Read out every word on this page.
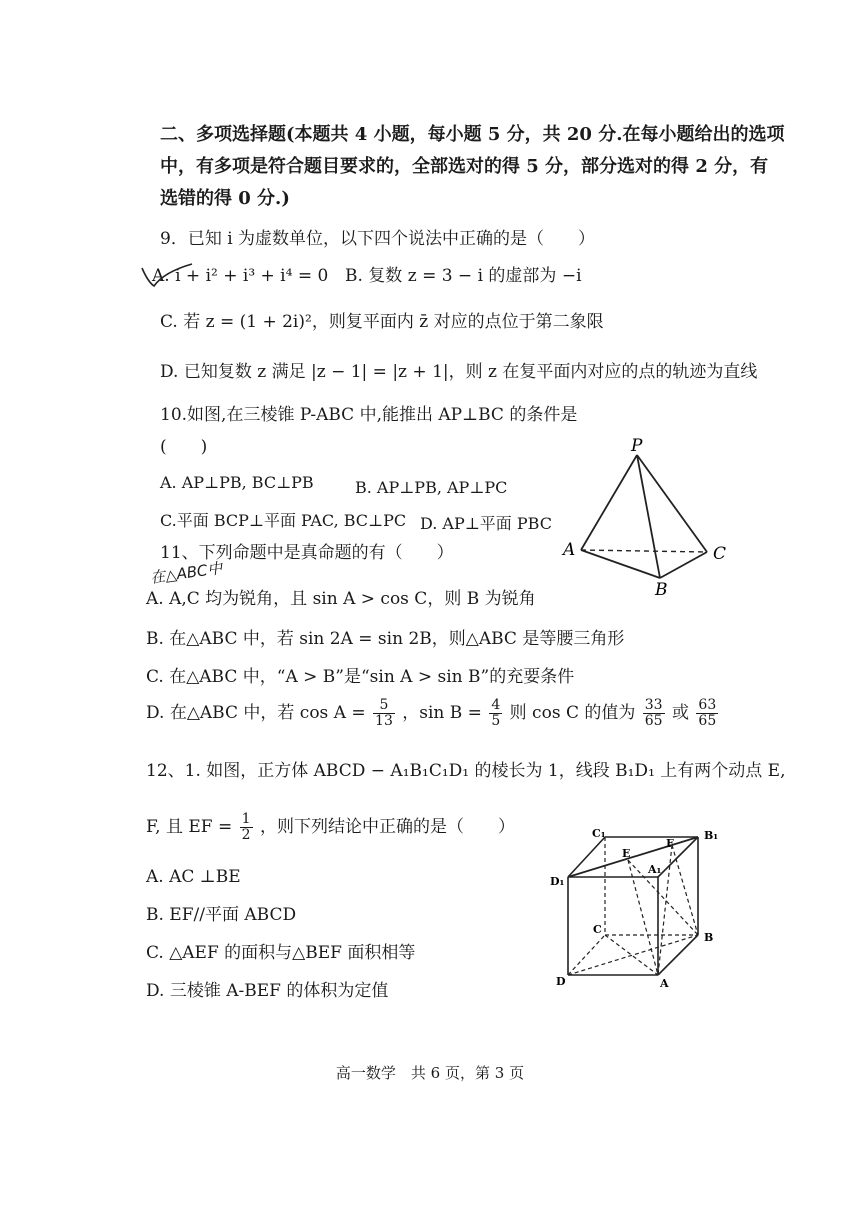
二、多项选择题(本题共 4 小题，每小题 5 分，共 20 分.在每小题给出的选项
中，有多项是符合题目要求的，全部选对的得 5 分，部分选对的得 2 分，有
选错的得 0 分.)
9．已知 i 为虚数单位，以下四个说法中正确的是（　　）
A. i + i² + i³ + i⁴ = 0 B. 复数 z = 3 − i 的虚部为 −i
C. 若 z = (1 + 2i)²，则复平面内 z̄ 对应的点位于第二象限
D. 已知复数 z 满足 |z − 1| = |z + 1|，则 z 在复平面内对应的点的轨迹为直线
10.如图,在三棱锥 P-ABC 中,能推出 AP⊥BC 的条件是
(　　)
A. AP⊥PB, BC⊥PB	B. AP⊥PB, AP⊥PC
C.平面 BCP⊥平面 PAC, BC⊥PC D. AP⊥平面 PBC
P
A
B
C
11、下列命题中是真命题的有（　　）
在△ABC中
A. A,C 均为锐角，且 sin A > cos C，则 B 为锐角
B. 在△ABC 中，若 sin 2A = sin 2B，则△ABC 是等腰三角形
C. 在△ABC 中，“A > B”是“sin A > sin B”的充要条件
D. 在△ABC 中，若 $\cos A = \frac{5}{13}$ ，$\sin B = \frac{4}{5}$ 则 cos C 的值为 $\frac{33}{65}$ 或 $\frac{63}{65}$
12、1. 如图，正方体 ABCD − A₁B₁C₁D₁ 的棱长为 1，线段 B₁D₁ 上有两个动点 E,
F, 且 EF = $\frac{1}{2}$ ，则下列结论中正确的是（　　）
A. AC ⊥BE
B. EF//平面 ABCD
C. △AEF 的面积与△BEF 面积相等
D. 三棱锥 A-BEF 的体积为定值
C₁	B₁
D₁
A₁
E
F
C
B
D	A
高一数学　共 6 页，第 3 页
